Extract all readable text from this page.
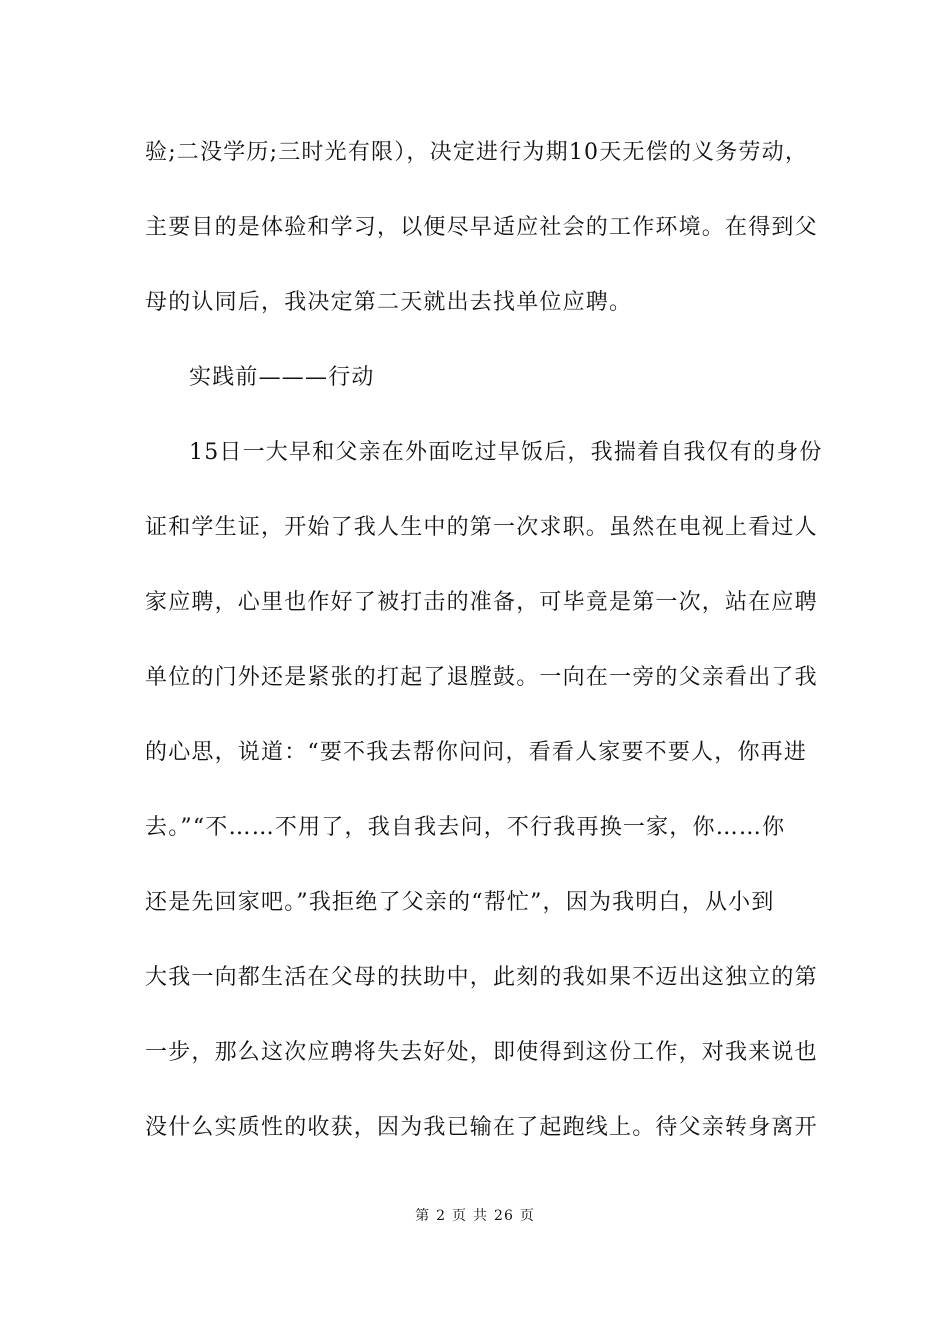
验;二没学历;三时光有限），决定进行为期10天无偿的义务劳动，
主要目的是体验和学习，以便尽早适应社会的工作环境。在得到父
母的认同后，我决定第二天就出去找单位应聘。
实践前———行动
15日一大早和父亲在外面吃过早饭后，我揣着自我仅有的身份
证和学生证，开始了我人生中的第一次求职。虽然在电视上看过人
家应聘，心里也作好了被打击的准备，可毕竟是第一次，站在应聘
单位的门外还是紧张的打起了退膛鼓。一向在一旁的父亲看出了我
的心思，说道：“要不我去帮你问问，看看人家要不要人，你再进
去。”“不……不用了，我自我去问，不行我再换一家，你……你
还是先回家吧。”我拒绝了父亲的“帮忙”，因为我明白，从小到
大我一向都生活在父母的扶助中，此刻的我如果不迈出这独立的第
一步，那么这次应聘将失去好处，即使得到这份工作，对我来说也
没什么实质性的收获，因为我已输在了起跑线上。待父亲转身离开
第 2 页 共 26 页
